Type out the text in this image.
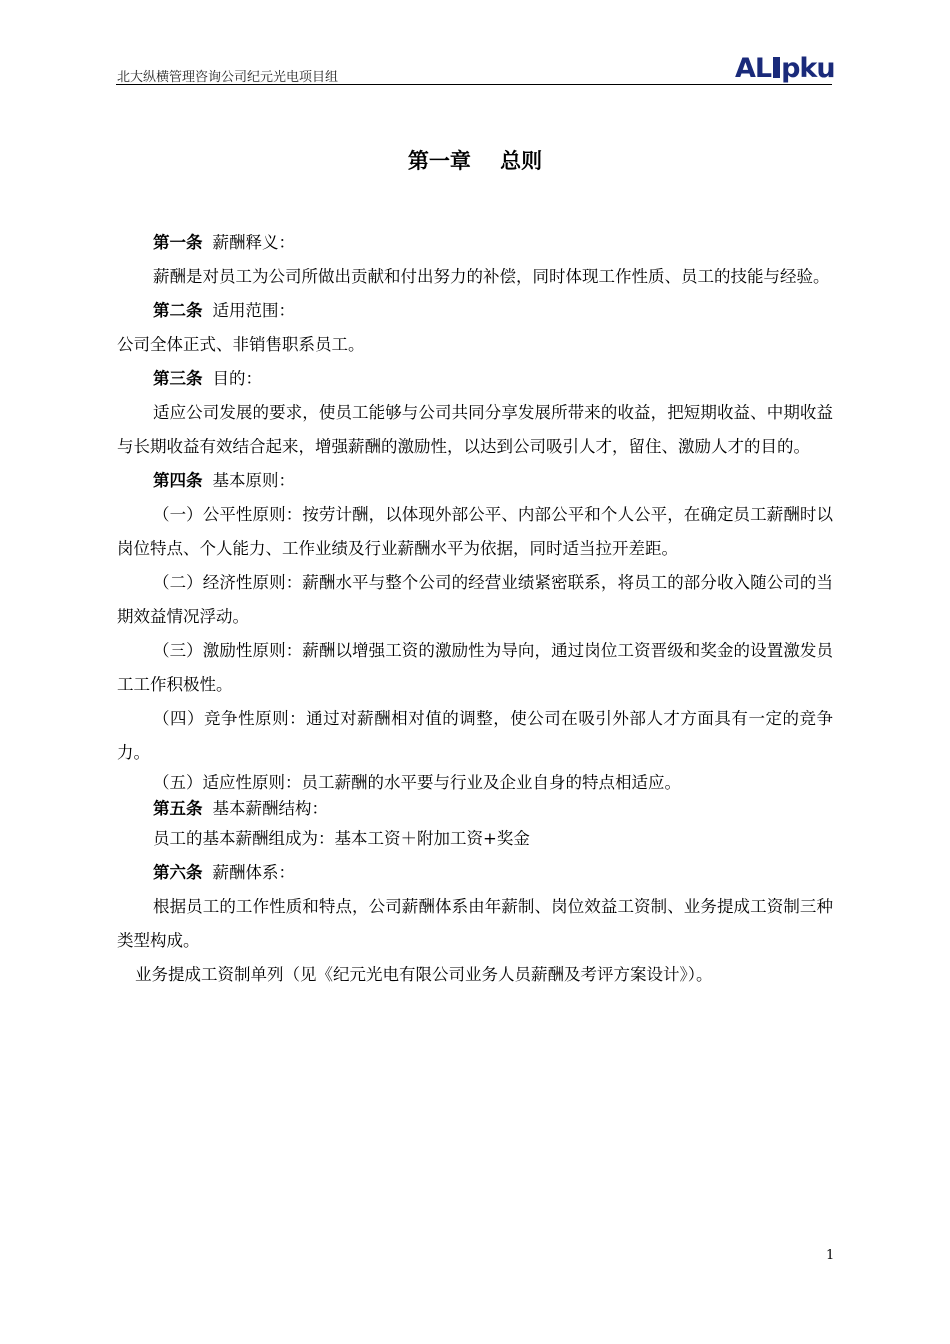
北大纵横管理咨询公司纪元光电项目组	AL pku
第一章 总则

第一条 薪酬释义：

薪酬是对员工为公司所做出贡献和付出努力的补偿，同时体现工作性质、员工的技能与经验。

第二条 适用范围：

公司全体正式、非销售职系员工。

第三条 目的：

适应公司发展的要求，使员工能够与公司共同分享发展所带来的收益，把短期收益、中期收益与长期收益有效结合起来，增强薪酬的激励性，以达到公司吸引人才，留住、激励人才的目的。

第四条 基本原则：

（一）公平性原则：按劳计酬，以体现外部公平、内部公平和个人公平，在确定员工薪酬时以岗位特点、个人能力、工作业绩及行业薪酬水平为依据，同时适当拉开差距。

（二）经济性原则：薪酬水平与整个公司的经营业绩紧密联系，将员工的部分收入随公司的当期效益情况浮动。

（三）激励性原则：薪酬以增强工资的激励性为导向，通过岗位工资晋级和奖金的设置激发员工工作积极性。

（四）竞争性原则：通过对薪酬相对值的调整，使公司在吸引外部人才方面具有一定的竞争力。

（五）适应性原则：员工薪酬的水平要与行业及企业自身的特点相适应。

第五条 基本薪酬结构：

员工的基本薪酬组成为：基本工资＋附加工资+奖金

第六条 薪酬体系：

根据员工的工作性质和特点，公司薪酬体系由年薪制、岗位效益工资制、业务提成工资制三种类型构成。

业务提成工资制单列（见《纪元光电有限公司业务人员薪酬及考评方案设计》）。

1
